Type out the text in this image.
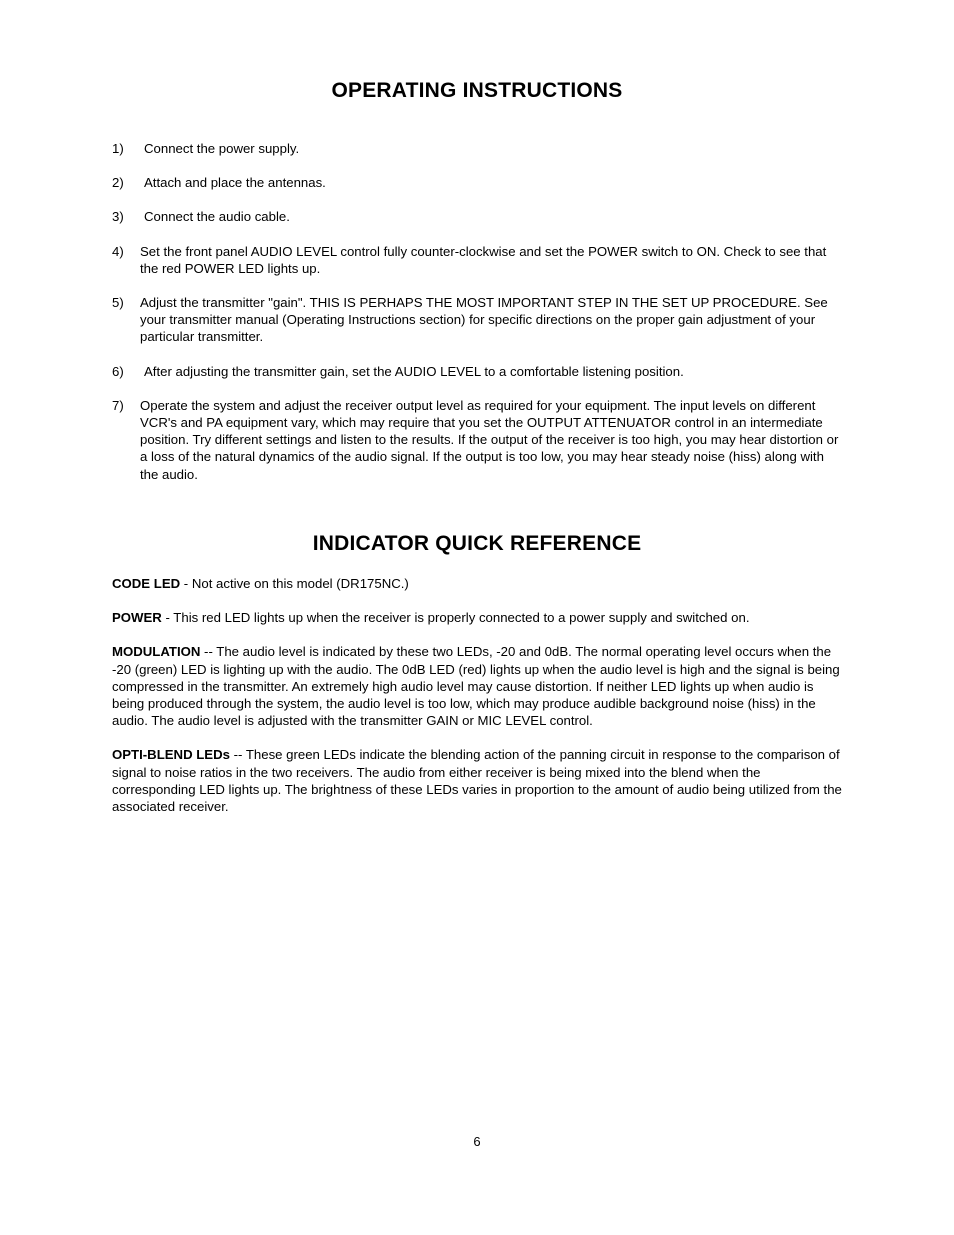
OPERATING INSTRUCTIONS
1)	Connect the power supply.
2)	Attach and place the antennas.
3)	Connect the audio cable.
4)	Set the front panel AUDIO LEVEL control fully counter-clockwise and set the POWER switch to ON. Check to see that the red POWER LED lights up.
5)	Adjust the transmitter "gain". THIS IS PERHAPS THE MOST IMPORTANT STEP IN THE SET UP PROCEDURE. See your transmitter manual (Operating Instructions section) for specific directions on the proper gain adjustment of your particular transmitter.
6)	After adjusting the transmitter gain, set the AUDIO LEVEL to a comfortable listening position.
7)	Operate the system and adjust the receiver output level as required for your equipment. The input levels on different VCR's and PA equipment vary, which may require that you set the OUTPUT ATTENUATOR control in an intermediate position. Try different settings and listen to the results. If the output of the receiver is too high, you may hear distortion or a loss of the natural dynamics of the audio signal. If the output is too low, you may hear steady noise (hiss) along with the audio.
INDICATOR QUICK REFERENCE

CODE LED - Not active on this model (DR175NC.)

POWER - This red LED lights up when the receiver is properly connected to a power supply and switched on.

MODULATION -- The audio level is indicated by these two LEDs, -20 and 0dB. The normal operating level occurs when the -20 (green) LED is lighting up with the audio. The 0dB LED (red) lights up when the audio level is high and the signal is being compressed in the transmitter. An extremely high audio level may cause distortion. If neither LED lights up when audio is being produced through the system, the audio level is too low, which may produce audible background noise (hiss) in the audio. The audio level is adjusted with the transmitter GAIN or MIC LEVEL control.

OPTI-BLEND LEDs -- These green LEDs indicate the blending action of the panning circuit in response to the comparison of signal to noise ratios in the two receivers. The audio from either receiver is being mixed into the blend when the corresponding LED lights up. The brightness of these LEDs varies in proportion to the amount of audio being utilized from the associated receiver.

6
